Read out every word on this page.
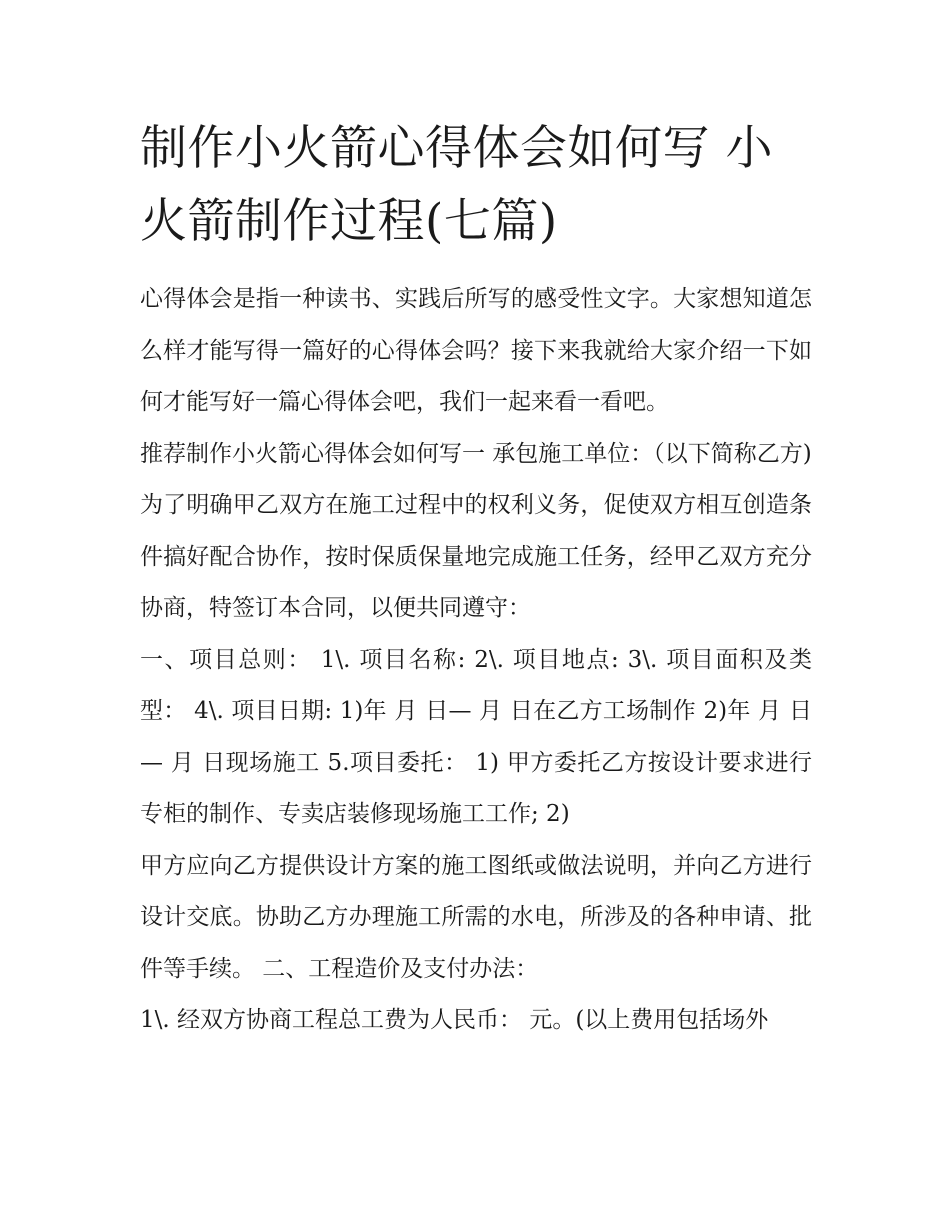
制作小火箭心得体会如何写 小火箭制作过程(七篇)

心得体会是指一种读书、实践后所写的感受性文字。大家想知道怎么样才能写得一篇好的心得体会吗？接下来我就给大家介绍一下如何才能写好一篇心得体会吧，我们一起来看一看吧。

推荐制作小火箭心得体会如何写一 承包施工单位：（以下简称乙方)

为了明确甲乙双方在施工过程中的权利义务，促使双方相互创造条件搞好配合协作，按时保质保量地完成施工任务，经甲乙双方充分协商，特签订本合同，以便共同遵守：

一、项目总则： 1\. 项目名称: 2\. 项目地点: 3\. 项目面积及类型： 4\. 项目日期: 1)年 月 日— 月 日在乙方工场制作 2)年 月 日— 月 日现场施工 5.项目委托： 1) 甲方委托乙方按设计要求进行专柜的制作、专卖店装修现场施工工作; 2)

甲方应向乙方提供设计方案的施工图纸或做法说明，并向乙方进行设计交底。协助乙方办理施工所需的水电，所涉及的各种申请、批件等手续。 二、工程造价及支付办法：

1\. 经双方协商工程总工费为人民币： 元。(以上费用包括场外
